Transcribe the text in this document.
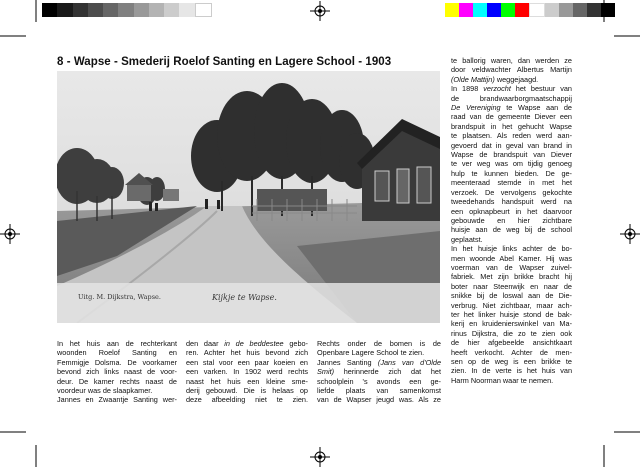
8 - Wapse - Smederij Roelof Santing en Lagere School - 1903
Uitg. M. Dijkstra, Wapse.	Kijkje te Wapse.
In het huis aan de rechterkant
woonden Roelof Santing en
Femmigje Dolsma. De voorkamer
bevond zich links naast de voor-
deur. De kamer rechts naast de
voordeur was de slaapkamer.
Jannes en Zwaantje Santing wer-
den daar in de beddestee gebo-
ren. Achter het huis bevond zich
een stal voor een paar koeien en
een varken. In 1902 werd rechts
naast het huis een kleine sme-
derij gebouwd. Die is helaas op
deze afbeelding niet te zien.
Rechts onder de bomen is de
Openbare Lagere School te zien.
Jannes Santing (Jans van d'Olde
Smit) herinnerde zich dat het
schoolplein 's avonds een ge-
liefde plaats van samenkomst
van de Wapser jeugd was. Als ze
te ballorig waren, dan werden ze
door veldwachter Albertus Martijn
(Olde Mattijn) weggejaagd.
In 1898 verzocht het bestuur van
de brandwaarborgmaatschappij
De Vereniging te Wapse aan de
raad van de gemeente Diever een
brandspuit in het gehucht Wapse
te plaatsen. Als reden werd aan-
gevoerd dat in geval van brand in
Wapse de brandspuit van Diever
te ver weg was om tijdig genoeg
hulp te kunnen bieden. De ge-
meenteraad stemde in met het
verzoek. De vervolgens gekochte
tweedehands handspuit werd na
een opknapbeurt in het daarvoor
gebouwde en hier zichtbare
huisje aan de weg bij de school
geplaatst.
In het huisje links achter de bo-
men woonde Abel Kamer. Hij was
voerman van de Wapser zuivel-
fabriek. Met zijn brikke bracht hij
boter naar Steenwijk en naar de
snikke bij de loswal aan de Die-
verbrug. Niet zichtbaar, maar ach-
ter het linker huisje stond de bak-
kerij en kruidenierswinkel van Ma-
rinus Dijkstra, die zo te zien ook
de hier afgebeelde ansichtkaart
heeft verkocht. Achter de men-
sen op de weg is een brikke te
zien. In de verte is het huis van
Harm Noorman waar te nemen.
